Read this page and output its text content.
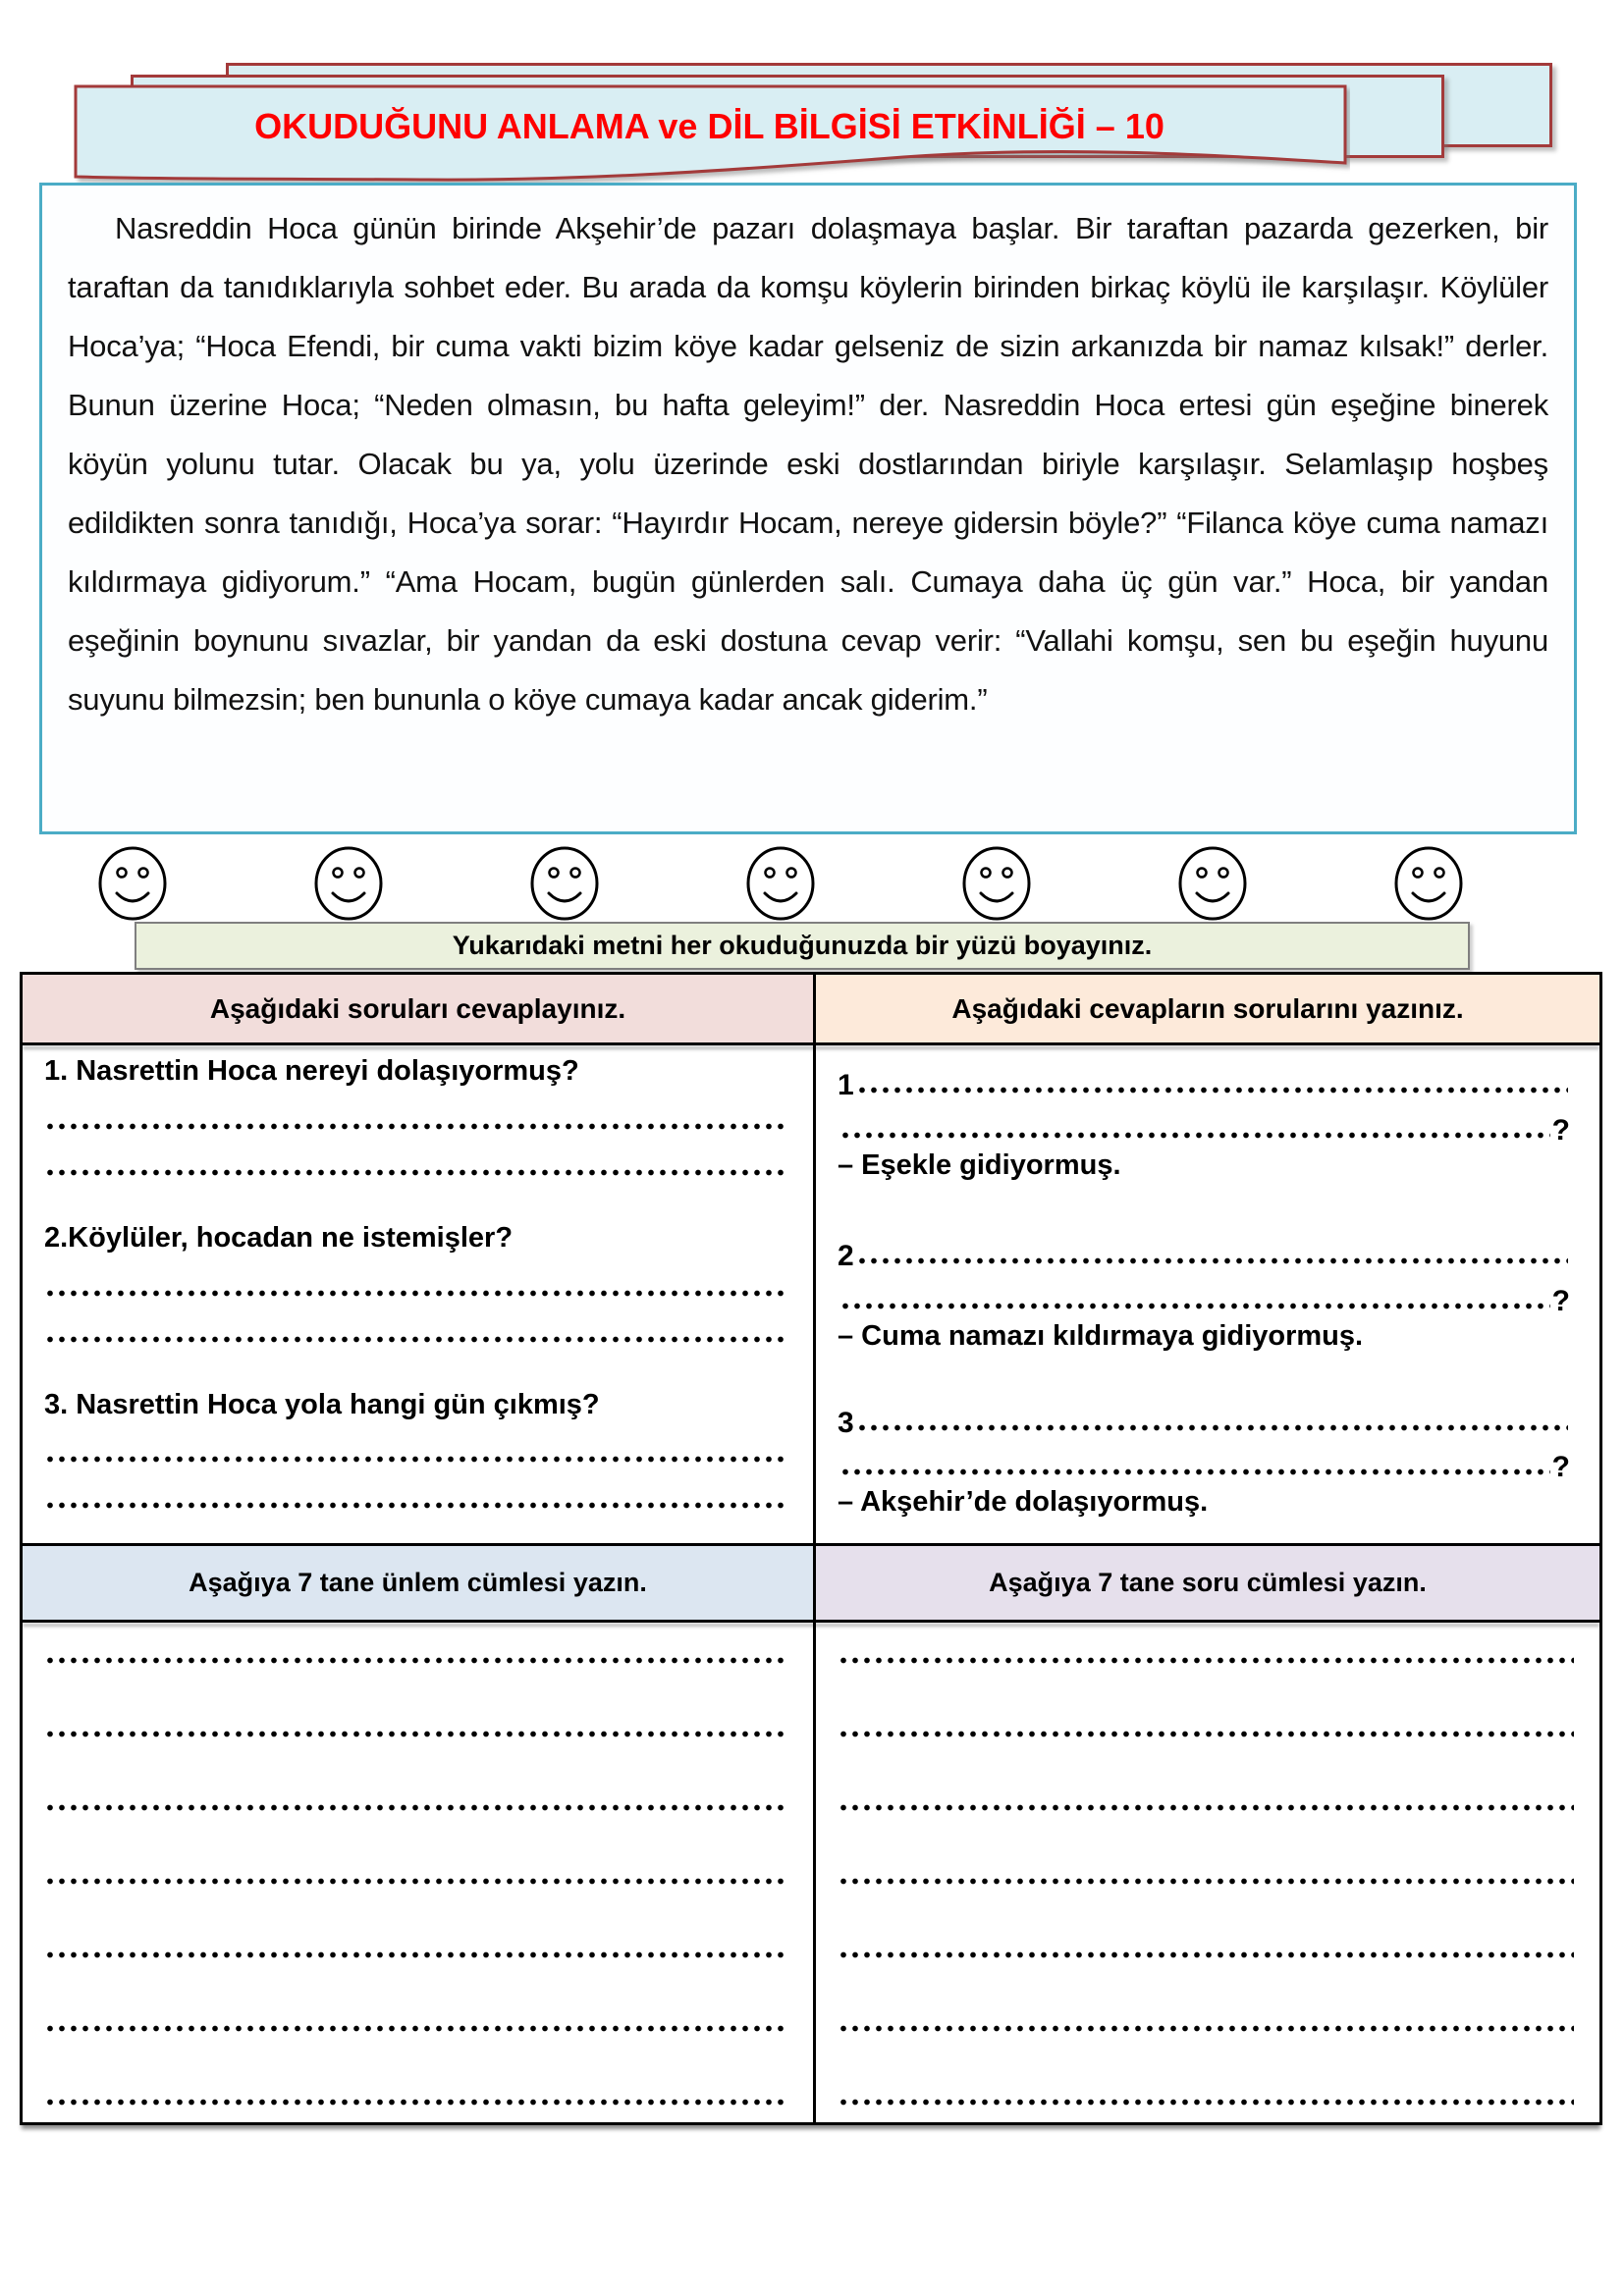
OKUDUĞUNU ANLAMA ve DİL BİLGİSİ ETKİNLİĞİ – 10

Nasreddin Hoca günün birinde Akşehir’de pazarı dolaşmaya başlar. Bir taraftan pazarda gezerken, bir taraftan da tanıdıklarıyla sohbet eder. Bu arada da komşu köylerin birinden birkaç köylü ile karşılaşır. Köylüler Hoca’ya; “Hoca Efendi, bir cuma vakti bizim köye kadar gelseniz de sizin arkanızda bir namaz kılsak!” derler. Bunun üzerine Hoca; “Neden olmasın, bu hafta geleyim!” der. Nasreddin Hoca ertesi gün eşeğine binerek köyün yolunu tutar. Olacak bu ya, yolu üzerinde eski dostlarından biriyle karşılaşır. Selamlaşıp hoşbeş edildikten sonra tanıdığı, Hoca’ya sorar: “Hayırdır Hocam, nereye gidersin böyle?” “Filanca köye cuma namazı kıldırmaya gidiyorum.” “Ama Hocam, bugün günlerden salı. Cumaya daha üç gün var.” Hoca, bir yandan eşeğinin boynunu sıvazlar, bir yandan da eski dostuna cevap verir: “Vallahi komşu, sen bu eşeğin huyunu suyunu bilmezsin; ben bununla o köye cumaya kadar ancak giderim.”

Yukarıdaki metni her okuduğunuzda bir yüzü boyayınız.
Aşağıdaki soruları cevaplayınız.	Aşağıdaki cevapların sorularını yazınız.
1. Nasrettin Hoca nereyi dolaşıyormuş?
2.Köylüler, hocadan ne istemişler?
3. Nasrettin Hoca yola hangi gün çıkmış?
1
?
– Eşekle gidiyormuş.
2
?
– Cuma namazı kıldırmaya gidiyormuş.
3
?
– Akşehir’de dolaşıyormuş.
Aşağıya 7 tane ünlem cümlesi yazın.	Aşağıya 7 tane soru cümlesi yazın.
